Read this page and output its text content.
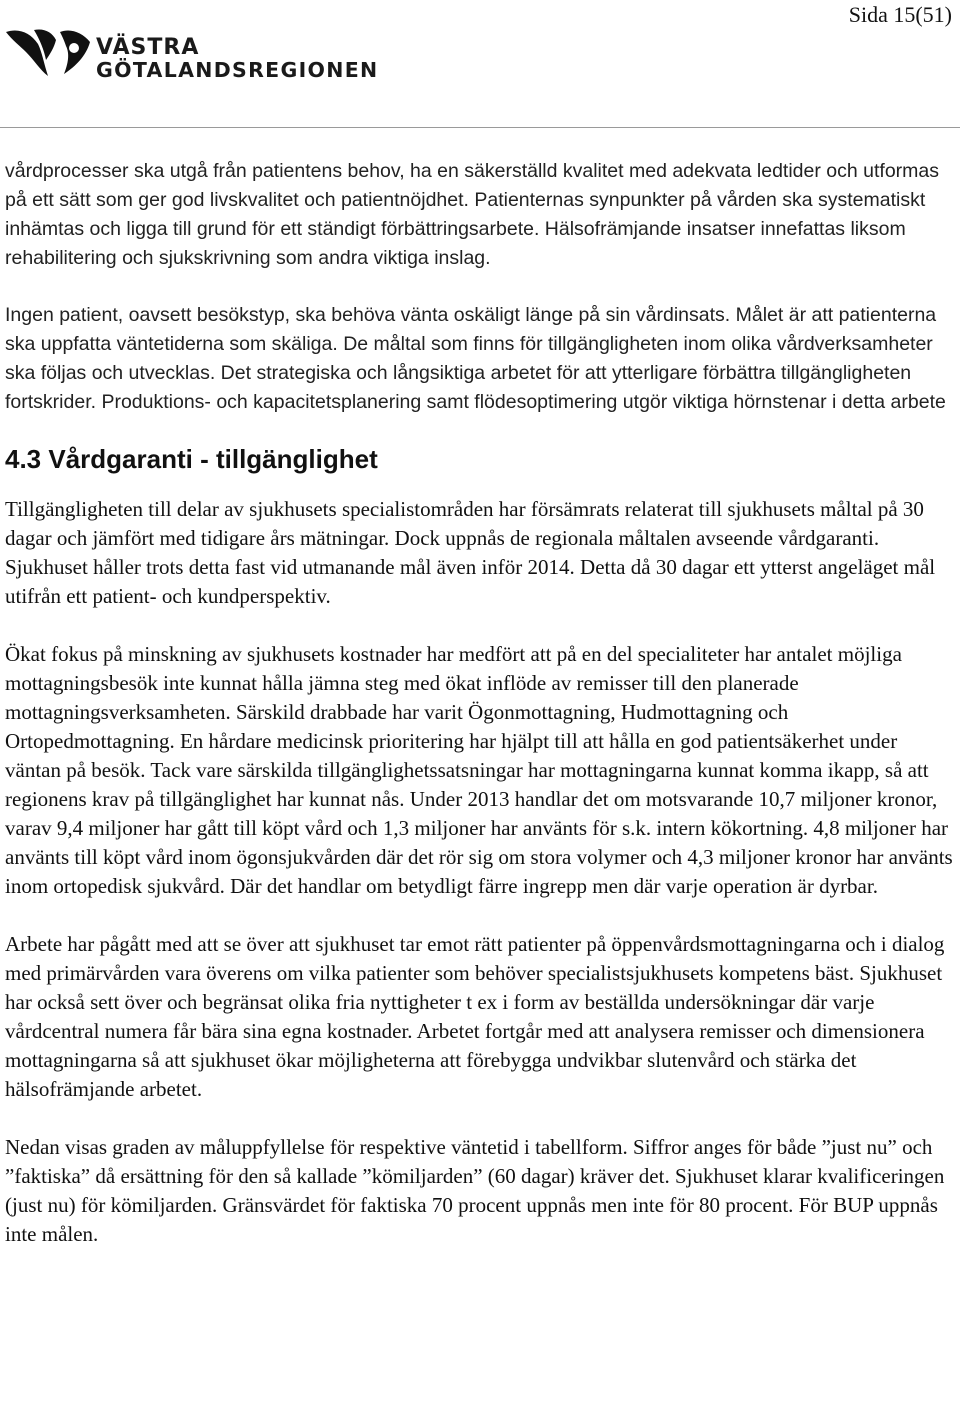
Sida 15(51)
VÄSTRA
GÖTALANDSREGIONEN

vårdprocesser ska utgå från patientens behov, ha en säkerställd kvalitet med adekvata ledtider och utformas på ett sätt som ger god livskvalitet och patientnöjdhet. Patienternas synpunkter på vården ska systematiskt inhämtas och ligga till grund för ett ständigt förbättringsarbete. Hälsofrämjande insatser innefattas liksom rehabilitering och sjukskrivning som andra viktiga inslag.

Ingen patient, oavsett besökstyp, ska behöva vänta oskäligt länge på sin vårdinsats. Målet är att patienterna ska uppfatta väntetiderna som skäliga. De måltal som finns för tillgängligheten inom olika vårdverksamheter ska följas och utvecklas. Det strategiska och långsiktiga arbetet för att ytterligare förbättra tillgängligheten fortskrider. Produktions- och kapacitetsplanering samt flödesoptimering utgör viktiga hörnstenar i detta arbete

4.3 Vårdgaranti - tillgänglighet

Tillgängligheten till delar av sjukhusets specialistområden har försämrats relaterat till sjukhusets måltal på 30 dagar och jämfört med tidigare års mätningar. Dock uppnås de regionala måltalen avseende vårdgaranti. Sjukhuset håller trots detta fast vid utmanande mål även inför 2014. Detta då 30 dagar ett ytterst angeläget mål utifrån ett patient- och kundperspektiv.

Ökat fokus på minskning av sjukhusets kostnader har medfört att på en del specialiteter har antalet möjliga mottagningsbesök inte kunnat hålla jämna steg med ökat inflöde av remisser till den planerade mottagningsverksamheten. Särskild drabbade har varit Ögonmottagning, Hudmottagning och Ortopedmottagning. En hårdare medicinsk prioritering har hjälpt till att hålla en god patientsäkerhet under väntan på besök. Tack vare särskilda tillgänglighetssatsningar har mottagningarna kunnat komma ikapp, så att regionens krav på tillgänglighet har kunnat nås. Under 2013 handlar det om motsvarande 10,7 miljoner kronor, varav 9,4 miljoner har gått till köpt vård och 1,3 miljoner har använts för s.k. intern kökortning. 4,8 miljoner har använts till köpt vård inom ögonsjukvården där det rör sig om stora volymer och 4,3 miljoner kronor har använts inom ortopedisk sjukvård. Där det handlar om betydligt färre ingrepp men där varje operation är dyrbar.

Arbete har pågått med att se över att sjukhuset tar emot rätt patienter på öppenvårdsmottagningarna och i dialog med primärvården vara överens om vilka patienter som behöver specialistsjukhusets kompetens bäst. Sjukhuset har också sett över och begränsat olika fria nyttigheter t ex i form av beställda undersökningar där varje vårdcentral numera får bära sina egna kostnader. Arbetet fortgår med att analysera remisser och dimensionera mottagningarna så att sjukhuset ökar möjligheterna att förebygga undvikbar slutenvård och stärka det hälsofrämjande arbetet.

Nedan visas graden av måluppfyllelse för respektive väntetid i tabellform. Siffror anges för både ”just nu” och ”faktiska” då ersättning för den så kallade ”kömiljarden” (60 dagar) kräver det. Sjukhuset klarar kvalificeringen (just nu) för kömiljarden. Gränsvärdet för faktiska 70 procent uppnås men inte för 80 procent. För BUP uppnås inte målen.
